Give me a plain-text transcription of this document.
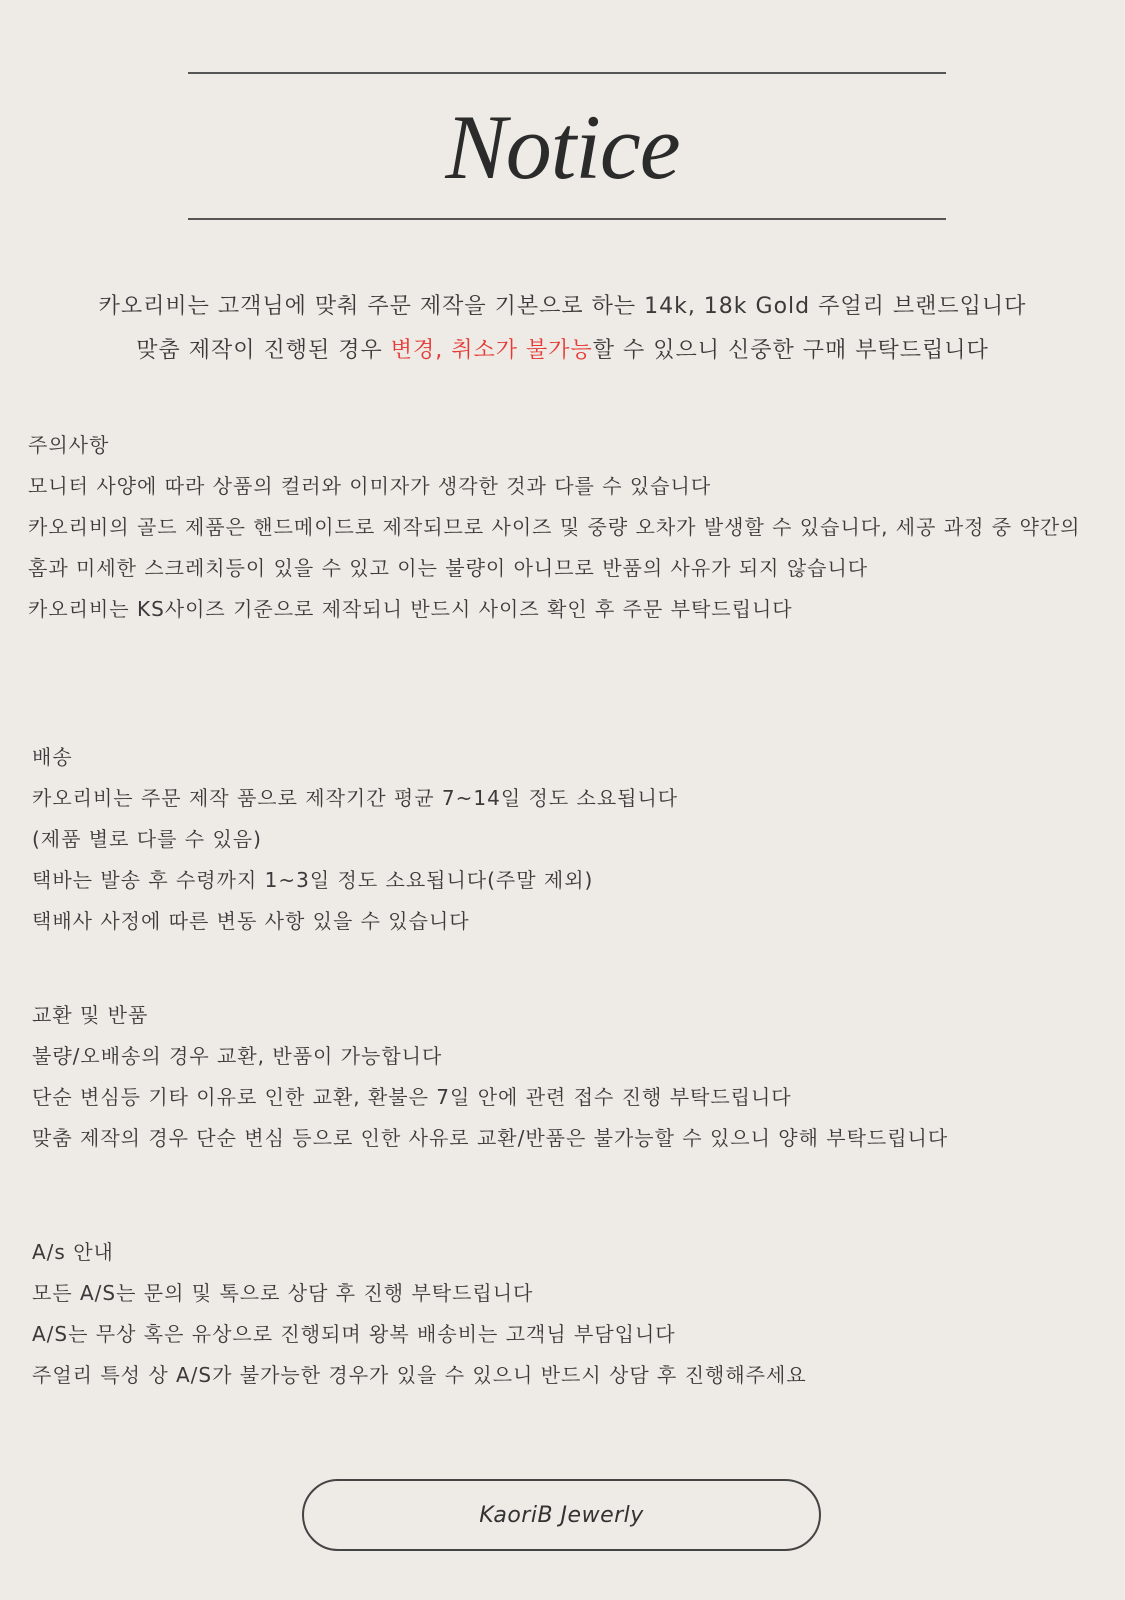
Notice
카오리비는 고객님에 맞춰 주문 제작을 기본으로 하는 14k, 18k Gold 주얼리 브랜드입니다
맞춤 제작이 진행된 경우 변경, 취소가 불가능할 수 있으니 신중한 구매 부탁드립니다

주의사항

모니터 사양에 따라 상품의 컬러와 이미자가 생각한 것과 다를 수 있습니다

카오리비의 골드 제품은 핸드메이드로 제작되므로 사이즈 및 중량 오차가 발생할 수 있습니다, 세공 과정 중 약간의 홈과 미세한 스크레치등이 있을 수 있고 이는 불량이 아니므로 반품의 사유가 되지 않습니다

카오리비는 KS사이즈 기준으로 제작되니 반드시 사이즈 확인 후 주문 부탁드립니다

배송

카오리비는 주문 제작 품으로 제작기간 평균 7~14일 정도 소요됩니다

(제품 별로 다를 수 있음)

택바는 발송 후 수령까지 1~3일 정도 소요됩니다(주말 제외)

택배사 사정에 따른 변동 사항 있을 수 있습니다

교환 및 반품

불량/오배송의 경우 교환, 반품이 가능합니다

단순 변심등 기타 이유로 인한 교환, 환불은 7일 안에 관련 접수 진행 부탁드립니다

맞춤 제작의 경우 단순 변심 등으로 인한 사유로 교환/반품은 불가능할 수 있으니 양해 부탁드립니다

A/s 안내

모든 A/S는 문의 및 톡으로 상담 후 진행 부탁드립니다

A/S는 무상 혹은 유상으로 진행되며 왕복 배송비는 고객님 부담입니다

주얼리 특성 상 A/S가 불가능한 경우가 있을 수 있으니 반드시 상담 후 진행해주세요

KaoriB Jewerly
